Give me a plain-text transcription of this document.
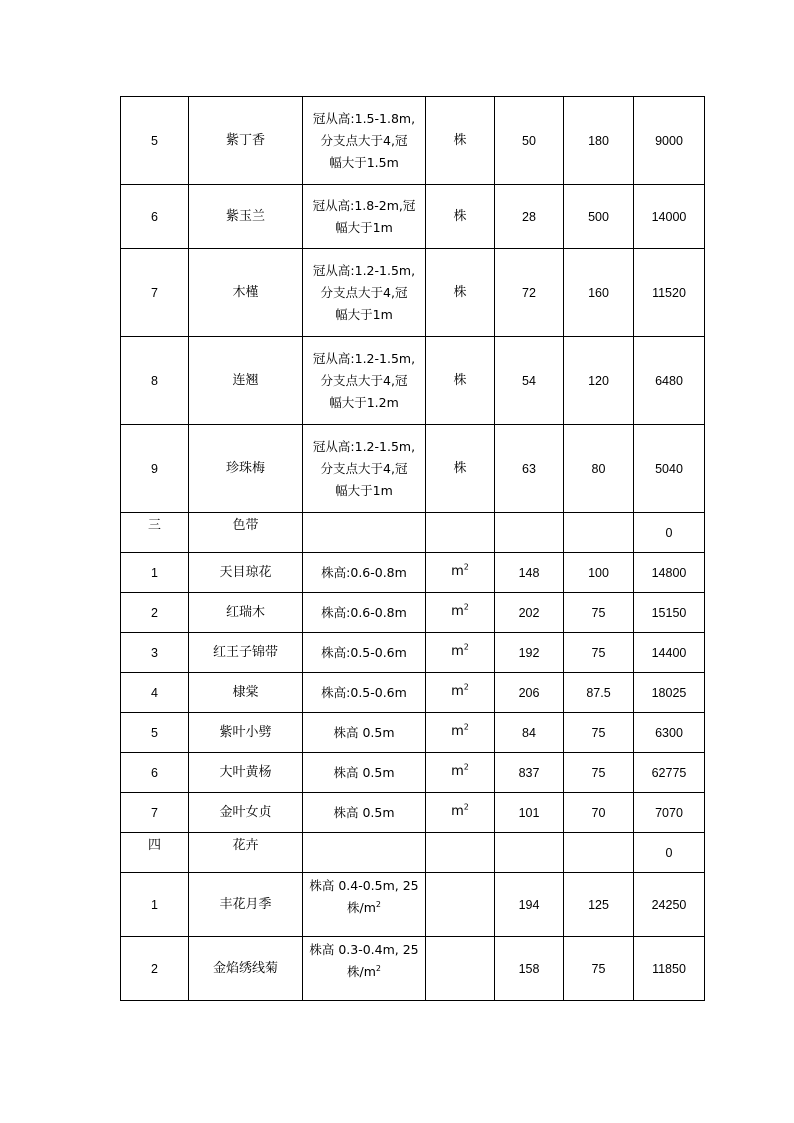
5	紫丁香	冠从高:1.5-1.8m,
分支点大于4,冠
幅大于1.5m	株	50	180	9000
6	紫玉兰	冠从高:1.8-2m,冠
幅大于1m	株	28	500	14000
7	木槿	冠从高:1.2-1.5m,
分支点大于4,冠
幅大于1m	株	72	160	11520
8	连翘	冠从高:1.2-1.5m,
分支点大于4,冠
幅大于1.2m	株	54	120	6480
9	珍珠梅	冠从高:1.2-1.5m,
分支点大于4,冠
幅大于1m	株	63	80	5040
三	色带					0
1	天目琼花	株高:0.6-0.8m	$m^2$	148	100	14800
2	红瑞木	株高:0.6-0.8m	$m^2$	202	75	15150
3	红王子锦带	株高:0.5-0.6m	$m^2$	192	75	14400
4	棣棠	株高:0.5-0.6m	$m^2$	206	87.5	18025
5	紫叶小劈	株高 0.5m	$m^2$	84	75	6300
6	大叶黄杨	株高 0.5m	$m^2$	837	75	62775
7	金叶女贞	株高 0.5m	$m^2$	101	70	7070
四	花卉					0
1	丰花月季	株高 0.4-0.5m, 25
株$/m^2$		194	125	24250
2	金焰绣线菊	株高 0.3-0.4m, 25
株$/m^2$		158	75	11850
